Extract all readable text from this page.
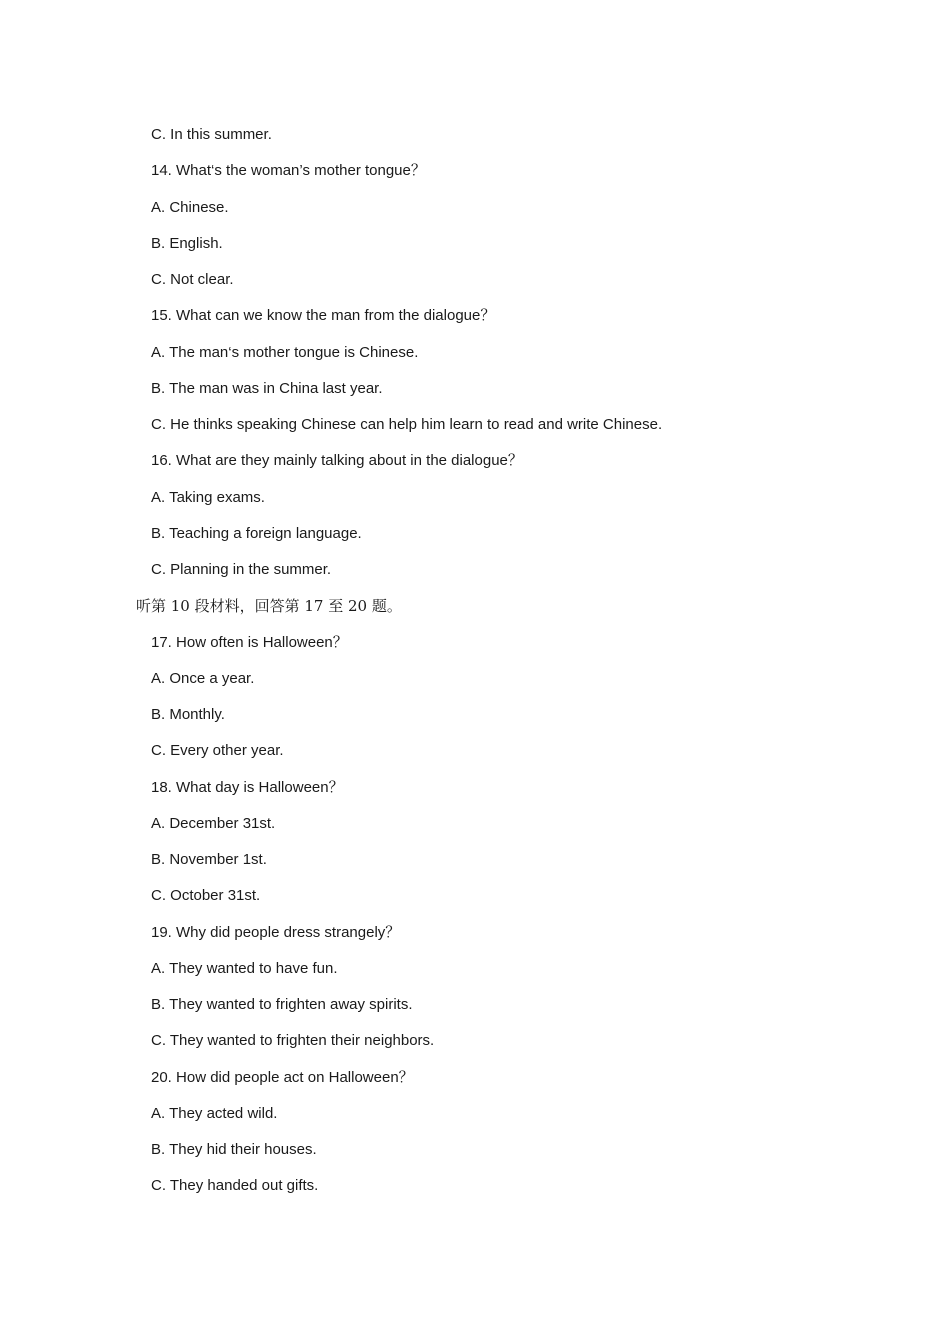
C. In this summer.
14. What‘s the woman’s mother tongue？
A. Chinese.
B. English.
C. Not clear.
15. What can we know the man from the dialogue？
A. The man‘s mother tongue is Chinese.
B. The man was in China last year.
C. He thinks speaking Chinese can help him learn to read and write Chinese.
16. What are they mainly talking about in the dialogue？
A. Taking exams.
B. Teaching a foreign language.
C. Planning in the summer.
听第 10 段材料，回答第 17 至 20 题。
17. How often is Halloween？
A. Once a year.
B. Monthly.
C. Every other year.
18. What day is Halloween？
A. December 31st.
B. November 1st.
C. October 31st.
19. Why did people dress strangely？
A. They wanted to have fun.
B. They wanted to frighten away spirits.
C. They wanted to frighten their neighbors.
20. How did people act on Halloween？
A. They acted wild.
B. They hid their houses.
C. They handed out gifts.
